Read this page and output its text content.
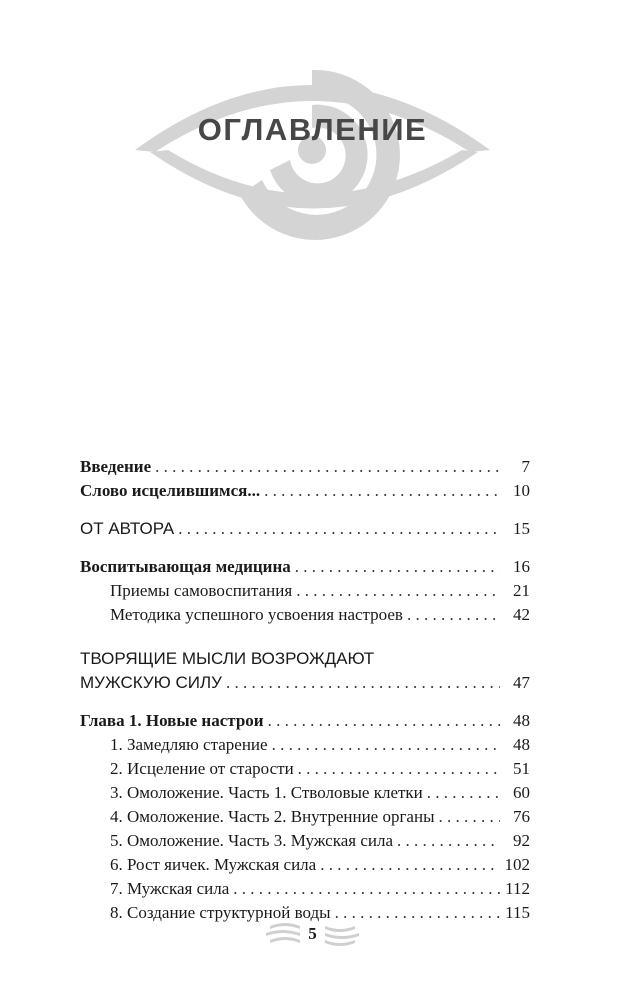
ОГЛАВЛЕНИЕ
Введение . . .	7
Слово исцелившимся... . . .	10
ОТ АВТОРА . . .	15
Воспитывающая медицина . . .	16
Приемы самовоспитания . . .	21
Методика успешного усвоения настроев . . .	42
ТВОРЯЩИЕ МЫСЛИ ВОЗРОЖДАЮТ
МУЖСКУЮ СИЛУ . . .	47
Глава 1. Новые настрои . . .	48
1. Замедляю старение . . .	48
2. Исцеление от старости . . .	51
3. Омоложение. Часть 1. Стволовые клетки . . .	60
4. Омоложение. Часть 2. Внутренние органы . . .	76
5. Омоложение. Часть 3. Мужская сила . . .	92
6. Рост яичек. Мужская сила . . .	102
7. Мужская сила . . .	112
8. Создание структурной воды . . .	115
5
